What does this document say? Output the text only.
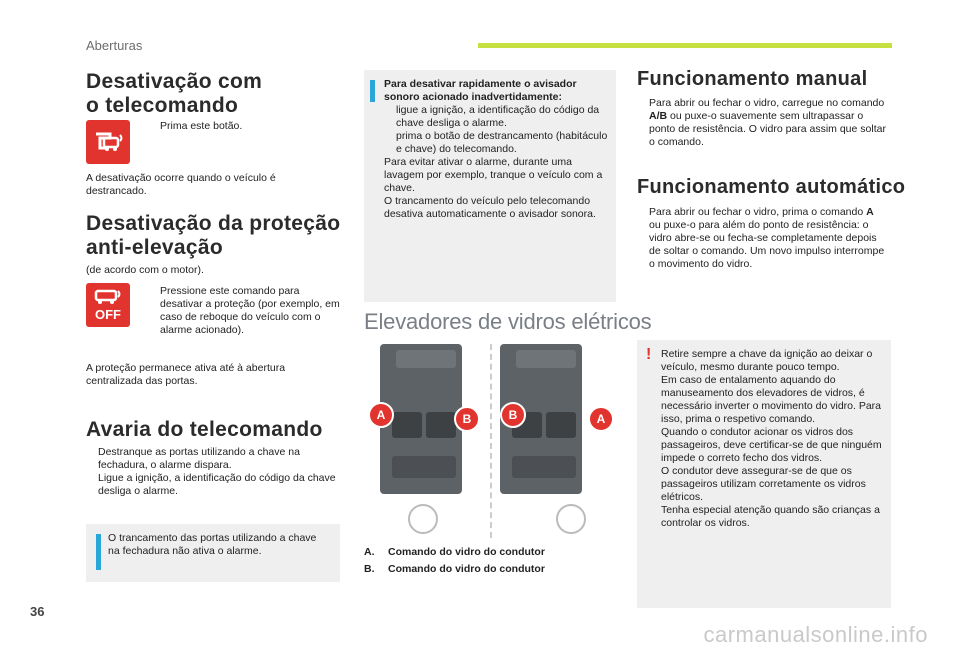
Aberturas
Desativação com
o telecomando
Prima este botão.
A desativação ocorre quando o veículo é destrancado.
Desativação da proteção
anti-elevação
(de acordo com o motor).
OFF
Pressione este comando para desativar a proteção (por exemplo, em caso de reboque do veículo com o alarme acionado).
A proteção permanece ativa até à abertura centralizada das portas.
Avaria do telecomando
Destranque as portas utilizando a chave na fechadura, o alarme dispara.
Ligue a ignição, a identificação do código da chave desliga o alarme.
O trancamento das portas utilizando a chave na fechadura não ativa o alarme.
Para desativar rapidamente o avisador sonoro acionado inadvertidamente:
ligue a ignição, a identificação do código da chave desliga o alarme.
prima o botão de destrancamento (habitáculo e chave) do telecomando.
Para evitar ativar o alarme, durante uma lavagem por exemplo, tranque o veículo com a chave.
O trancamento do veículo pelo telecomando desativa automaticamente o avisador sonora.
Elevadores de vidros elétricos
A	B	B	A
A. Comando do vidro do condutor
B. Comando do vidro do condutor
Funcionamento manual
Para abrir ou fechar o vidro, carregue no comando A/B ou puxe-o suavemente sem ultrapassar o ponto de resistência. O vidro para assim que soltar o comando.
Funcionamento automático
Para abrir ou fechar o vidro, prima o comando A ou puxe-o para além do ponto de resistência: o vidro abre-se ou fecha-se completamente depois de soltar o comando. Um novo impulso interrompe o movimento do vidro.
! Retire sempre a chave da ignição ao deixar o veículo, mesmo durante pouco tempo.
Em caso de entalamento aquando do manuseamento dos elevadores de vidros, é necessário inverter o movimento do vidro. Para isso, prima o respetivo comando.
Quando o condutor acionar os vidros dos passageiros, deve certificar-se de que ninguém impede o correto fecho dos vidros.
O condutor deve assegurar-se de que os passageiros utilizam corretamente os vidros elétricos.
Tenha especial atenção quando são crianças a controlar os vidros.
36
carmanualsonline.info
